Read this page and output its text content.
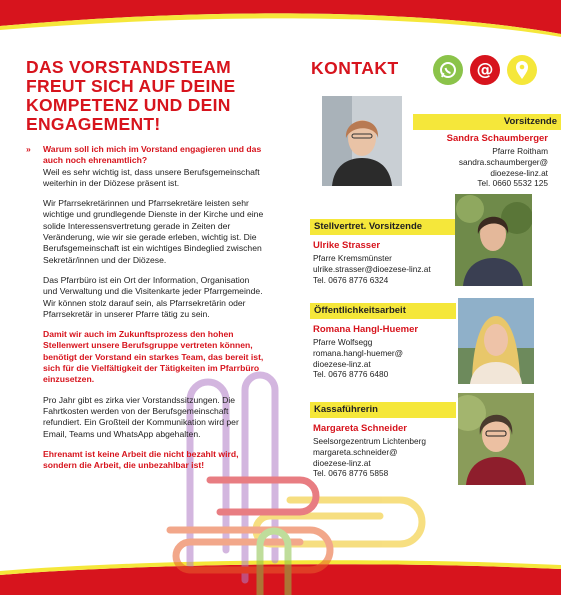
DAS VORSTANDSTEAM FREUT SICH AUF DEINE KOMPETENZ UND DEIN ENGAGEMENT!

» Warum soll ich mich im Vorstand engagieren und das auch noch ehrenamtlich?
Weil es sehr wichtig ist, dass unsere Berufsgemeinschaft weiterhin in der Diözese präsent ist.

Wir Pfarrsekretärinnen und Pfarrsekretäre leisten sehr wichtige und grundlegende Dienste in der Kirche und eine solide Interessensvertretung gerade in Zeiten der Veränderung, wie wir sie gerade erleben, wichtig ist. Die Berufsgemeinschaft ist ein wichtiges Bindeglied zwischen Sekretär/innen und der Diözese.

Das Pfarrbüro ist ein Ort der Information, Organisation und Verwaltung und die Visitenkarte jeder Pfarrgemeinde. Wir können stolz darauf sein, als Pfarrsekretärin oder Pfarrsekretär in unserer Pfarre tätig zu sein.

Damit wir auch im Zukunftsprozess den hohen Stellenwert unsere Berufsgruppe vertreten können, benötigt der Vorstand ein starkes Team, das bereit ist, sich für die Vielfältigkeit der Tätigkeiten im Pfarrbüro einzusetzen.

Pro Jahr gibt es zirka vier Vorstandssitzungen. Die Fahrtkosten werden von der Berufsgemeinschaft refundiert. Ein Großteil der Kommunikation wird per Email, Teams und WhatsApp abgehalten.

Ehrenamt ist keine Arbeit die nicht bezahlt wird, sondern die Arbeit, die unbezahlbar ist!

KONTAKT	@
Vorsitzende
Sandra Schaumberger
Pfarre Roitham
sandra.schaumberger@
dioezese-linz.at
Tel. 0660 5532 125
Stellvertret. Vorsitzende
Ulrike Strasser
Pfarre Kremsmünster
ulrike.strasser@dioezese-linz.at
Tel. 0676 8776 6324
Öffentlichkeitsarbeit
Romana Hangl-Huemer
Pfarre Wolfsegg
romana.hangl-huemer@
dioezese-linz.at
Tel. 0676 8776 6480
Kassaführerin
Margareta Schneider
Seelsorgezentrum Lichtenberg
margareta.schneider@
dioezese-linz.at
Tel. 0676 8776 5858
